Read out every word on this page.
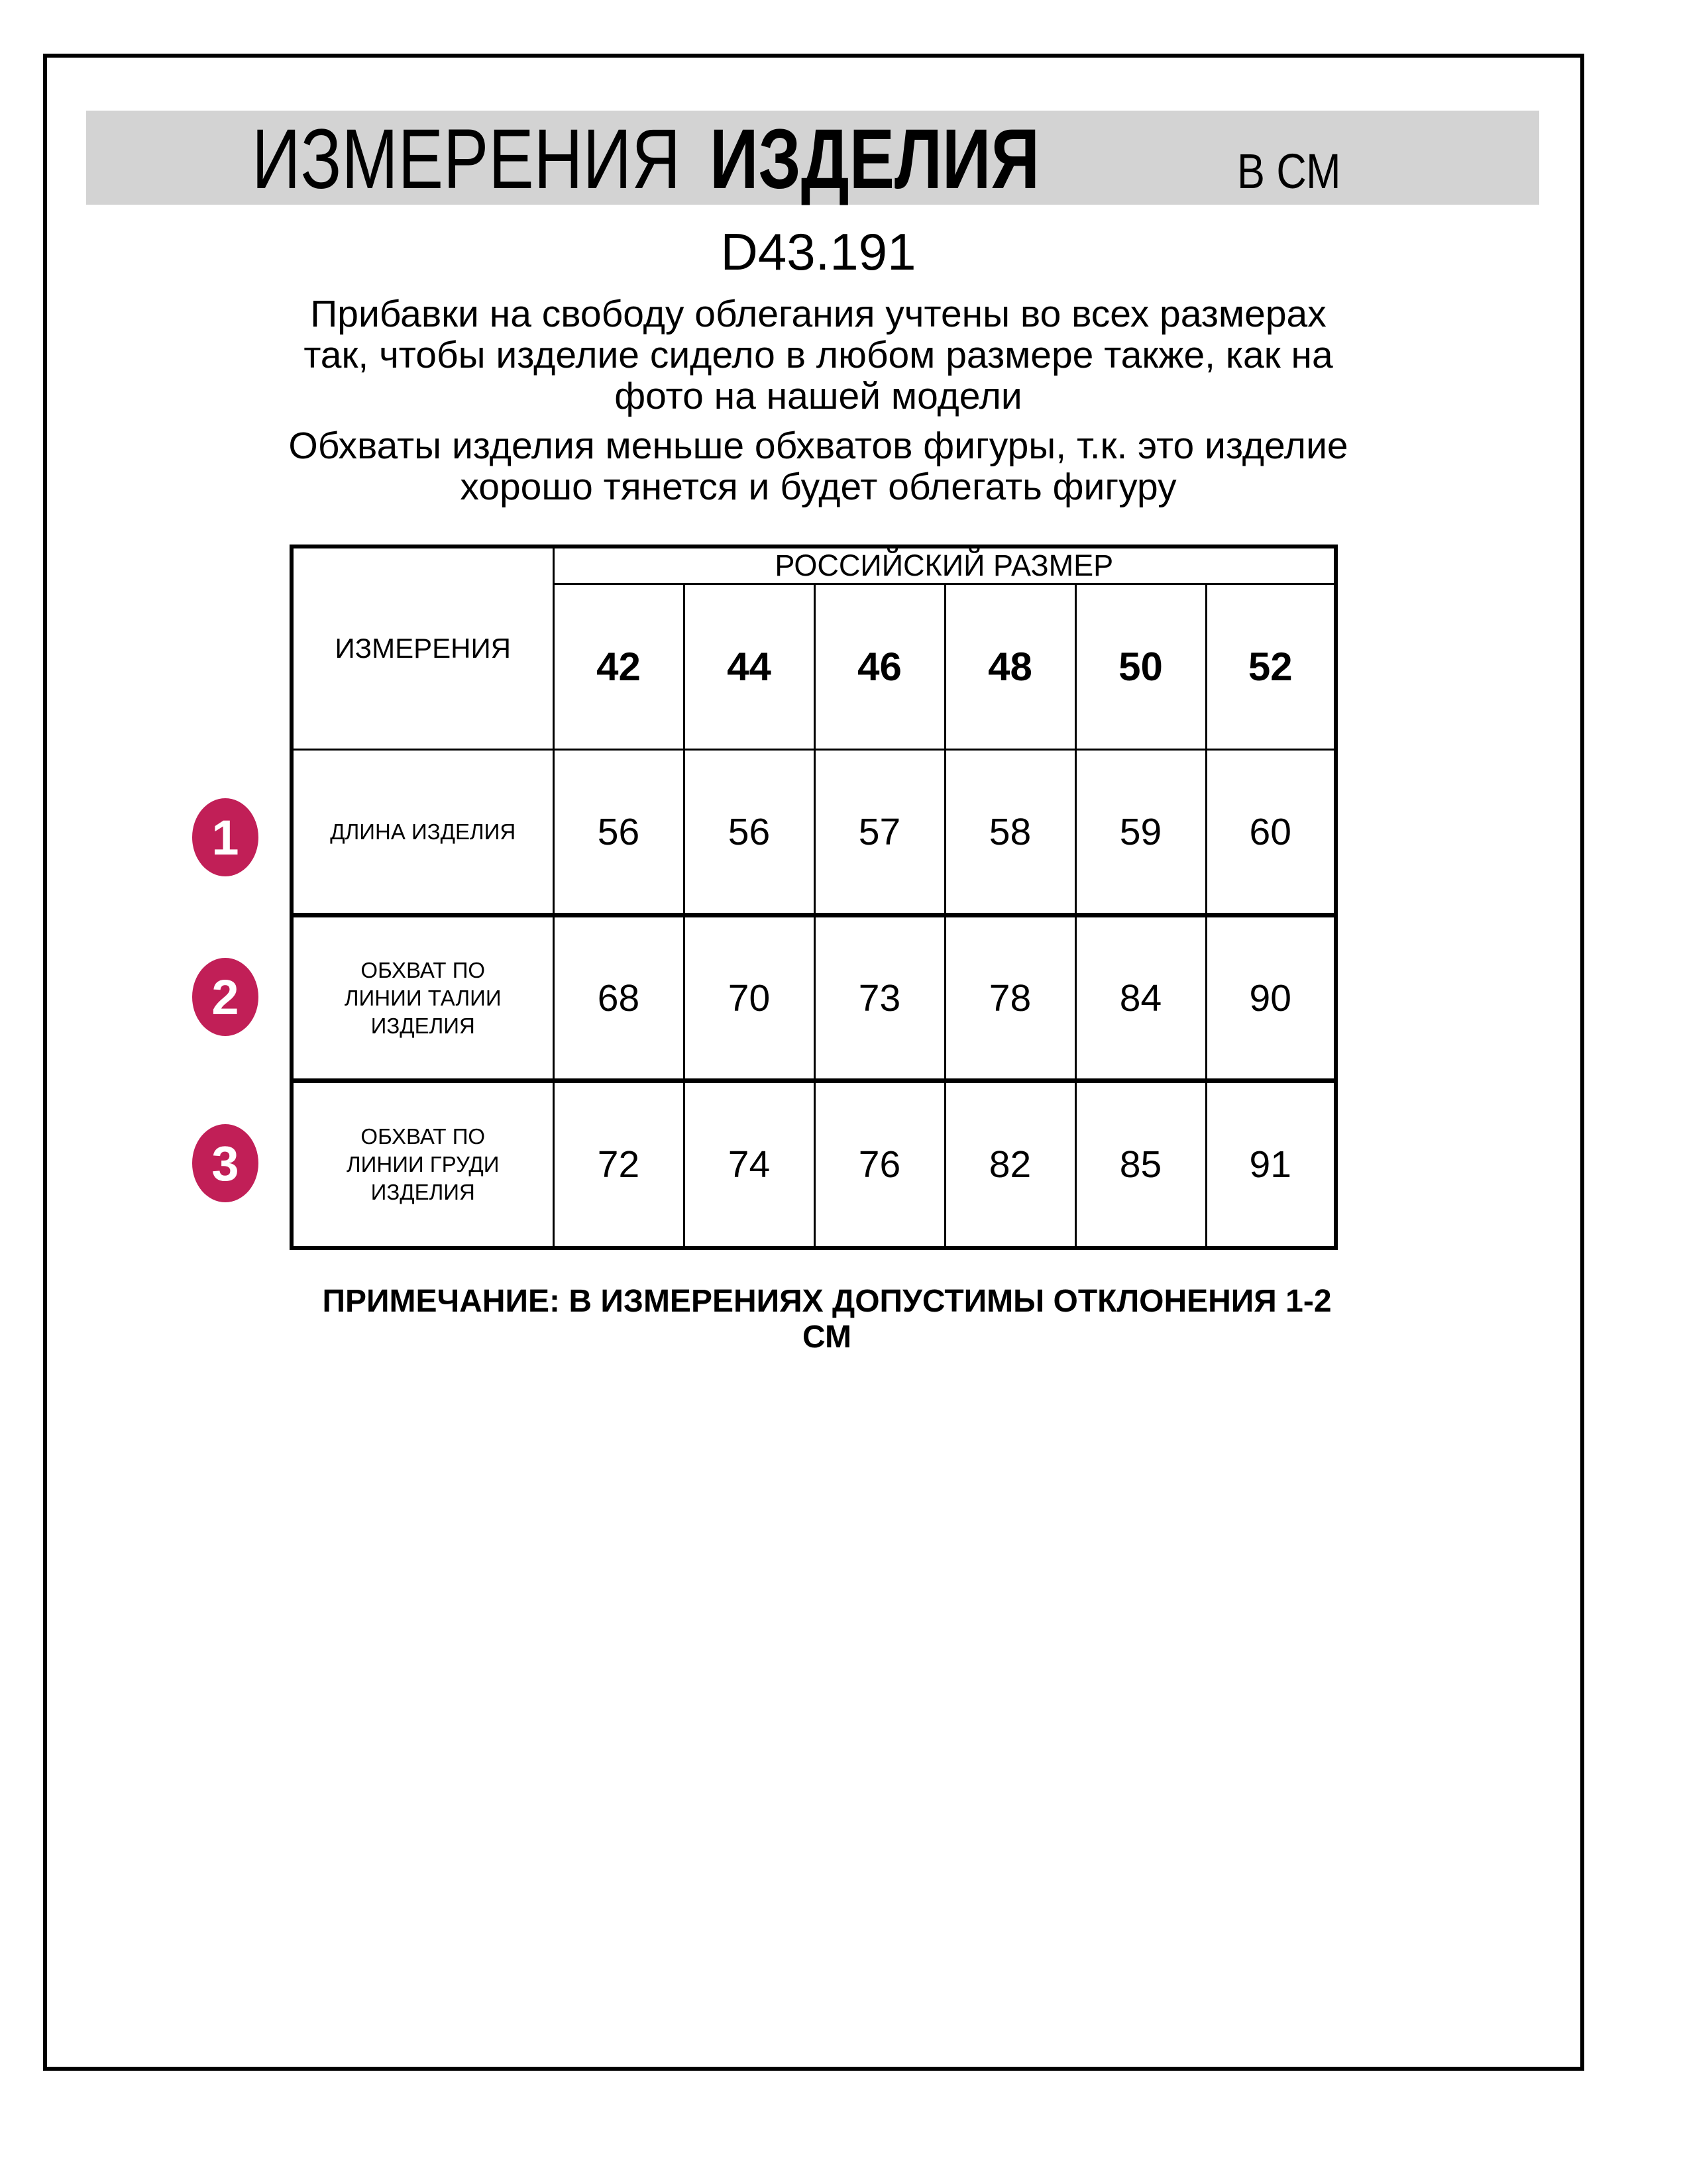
ИЗМЕРЕНИЯ ИЗДЕЛИЯ	В СМ
D43.191
Прибавки на свободу облегания учтены во всех размерах
так, чтобы изделие сидело в любом размере также, как на
фото на нашей модели
Обхваты изделия меньше обхватов фигуры, т.к. это изделие
хорошо тянется и будет облегать фигуру
ИЗМЕРЕНИЯ	РОССИЙСКИЙ РАЗМЕР					
	42	44	46	48	50	52

ДЛИНА ИЗДЕЛИЯ	56	56	57	58	59	60

ОБХВАТ ПО
ЛИНИИ ТАЛИИ
ИЗДЕЛИЯ	68	70	73	78	84	90

ОБХВАТ ПО
ЛИНИИ ГРУДИ
ИЗДЕЛИЯ	72	74	76	82	85	91
1
2
3
ПРИМЕЧАНИЕ: В ИЗМЕРЕНИЯХ ДОПУСТИМЫ ОТКЛОНЕНИЯ 1-2 СМ
